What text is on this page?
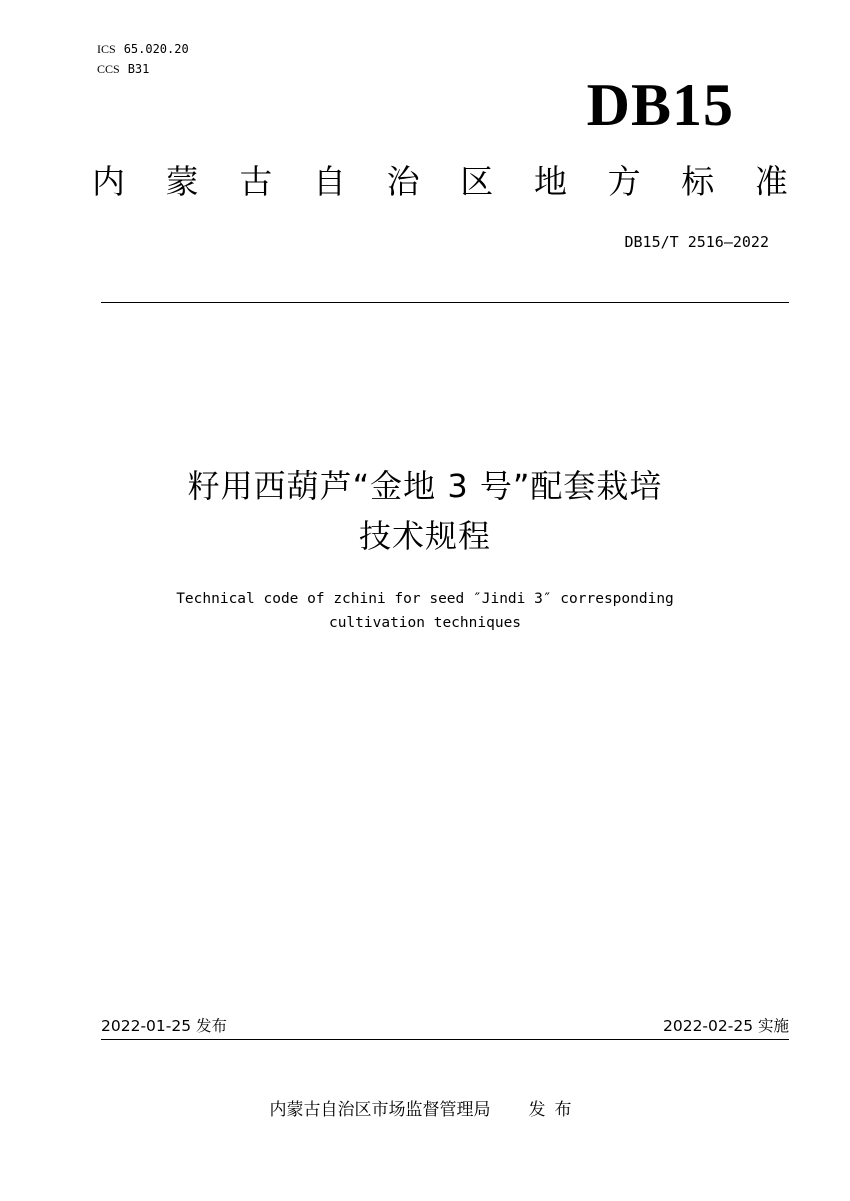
ICS 65.020.20
CCS B31
DB15
内 蒙 古 自 治 区 地 方 标 准
DB15/T 2516—2022
籽用西葫芦“金地 3 号”配套栽培
技术规程
Technical code of zchini for seed ″Jindi 3″ corresponding
cultivation techniques
2022-01-25 发布	2022-02-25 实施
内蒙古自治区市场监督管理局 发布
